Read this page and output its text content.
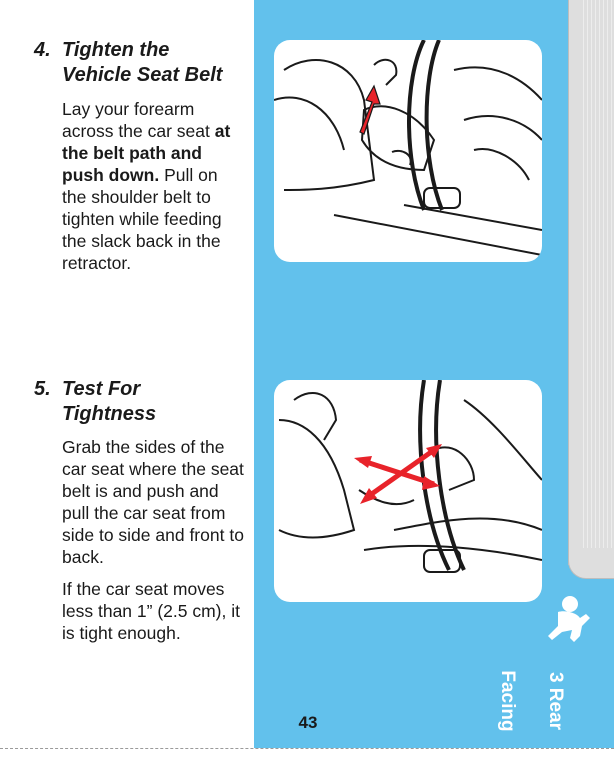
4. Tighten the
Vehicle Seat Belt

Lay your forearm across the car seat at the belt path and push down. Pull on the shoulder belt to tighten while feeding the slack back in the retractor.

5. Test For
Tightness

Grab the sides of the car seat where the seat belt is and push and pull the car seat from side to side and front to back.

If the car seat moves less than 1” (2.5 cm), it is tight enough.

3 Rear

Facing

43
